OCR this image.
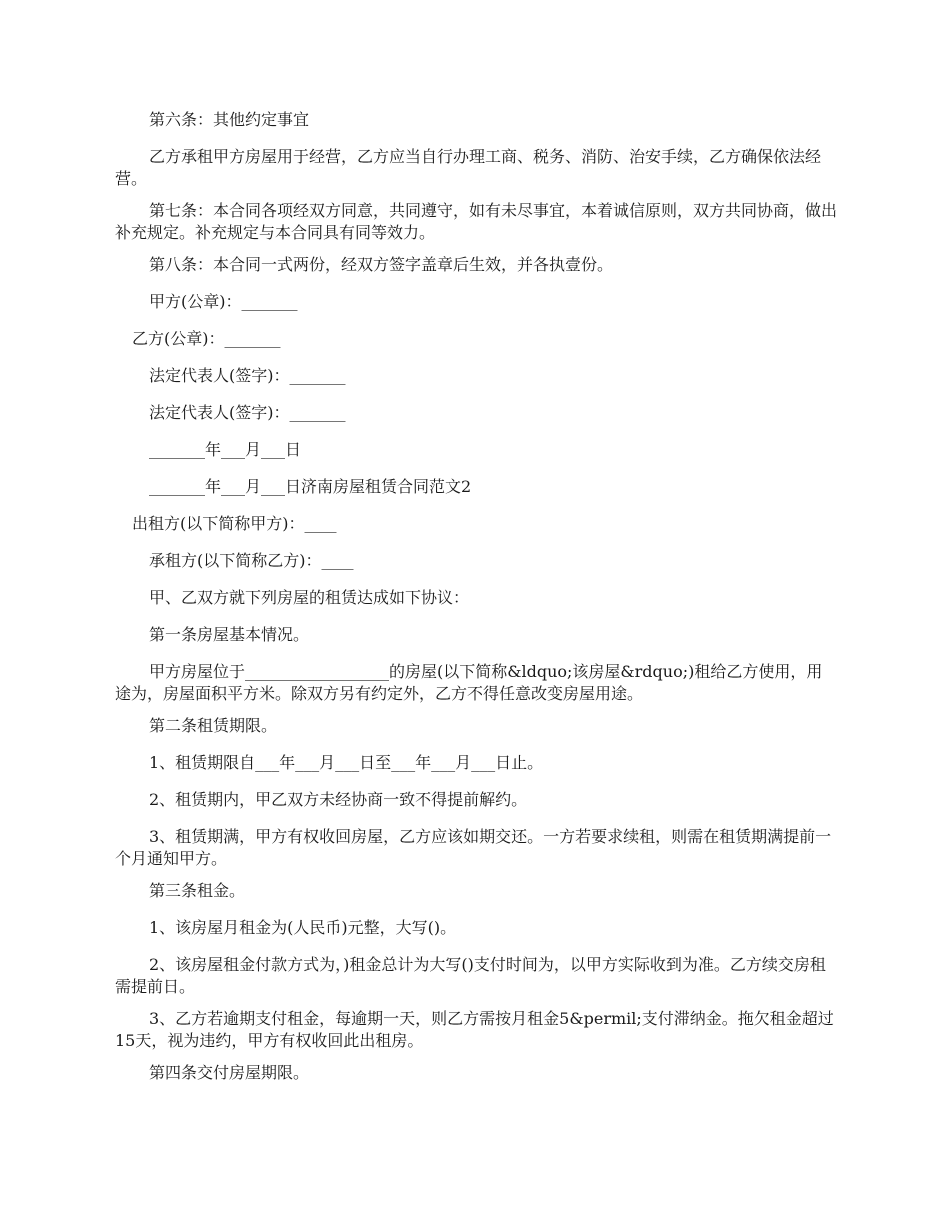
第六条：其他约定事宜

乙方承租甲方房屋用于经营，乙方应当自行办理工商、税务、消防、治安手续，乙方确保依法经营。

第七条：本合同各项经双方同意，共同遵守，如有未尽事宜，本着诚信原则，双方共同协商，做出补充规定。补充规定与本合同具有同等效力。

第八条：本合同一式两份，经双方签字盖章后生效，并各执壹份。

甲方(公章)：_______

乙方(公章)：_______

法定代表人(签字)：_______

法定代表人(签字)：_______

_______年___月___日

_______年___月___日济南房屋租赁合同范文2

出租方(以下简称甲方)：____

承租方(以下简称乙方)：____

甲、乙双方就下列房屋的租赁达成如下协议：

第一条房屋基本情况。

甲方房屋位于__________________的房屋(以下简称&ldquo;该房屋&rdquo;)租给乙方使用，用途为，房屋面积平方米。除双方另有约定外，乙方不得任意改变房屋用途。

第二条租赁期限。

1、租赁期限自___年___月___日至___年___月___日止。

2、租赁期内，甲乙双方未经协商一致不得提前解约。

3、租赁期满，甲方有权收回房屋，乙方应该如期交还。一方若要求续租，则需在租赁期满提前一个月通知甲方。

第三条租金。

1、该房屋月租金为(人民币)元整，大写()。

2、该房屋租金付款方式为，)租金总计为大写()支付时间为，以甲方实际收到为准。乙方续交房租需提前日。

3、乙方若逾期支付租金，每逾期一天，则乙方需按月租金5&permil;支付滞纳金。拖欠租金超过15天，视为违约，甲方有权收回此出租房。

第四条交付房屋期限。
